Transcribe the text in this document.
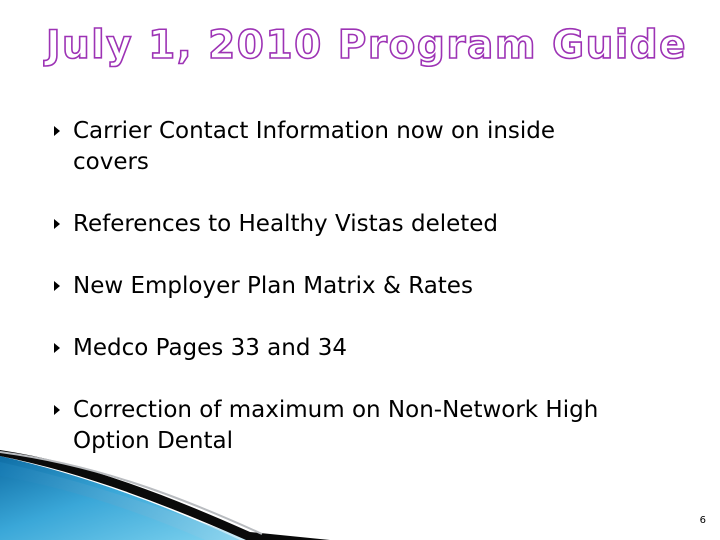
July 1, 2010 Program Guide
Carrier Contact Information now on inside
covers
References to Healthy Vistas deleted
New Employer Plan Matrix & Rates
Medco Pages 33 and 34
Correction of maximum on Non-Network High
Option Dental
6
